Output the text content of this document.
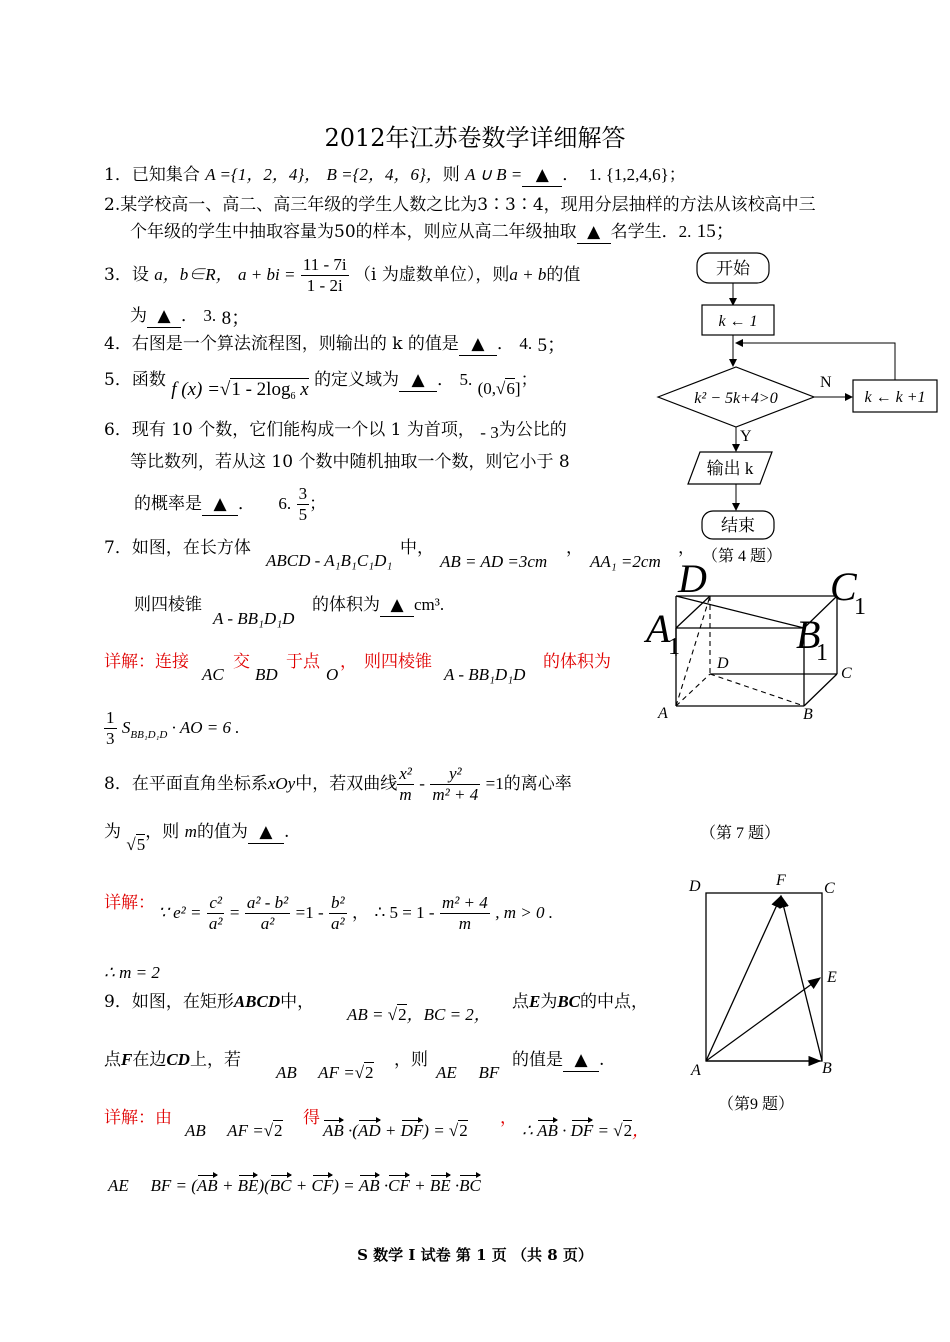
2012年江苏卷数学详细解答
1．已知集合 A ={1，2，4}， B ={2，4，6}，则 A ∪ B = ▲ ． 1. {1,2,4,6}；
2.某学校高一、高二、高三年级的学生人数之比为3∶3∶4，现用分层抽样的方法从该校高中三
个年级的学生中抽取容量为50的样本，则应从高二年级抽取 ▲ 名学生．2. 15；
3．设 a，b∈R， a + bi = $\frac{11 - 7i}{1 - 2i} (i$ 为虚数单位），则a + b的值
为 ▲ ． 3. 8；
4．右图是一个算法流程图，则输出的 k 的值是 ▲ ． 4. 5；
5．函数 f $(x) =√1 - 2\log_6$ x 的定义域为 ▲ ． 5. (0,√6]；
6．现有 10 个数，它们能构成一个以 1 为首项， - 3为公比的
等比数列，若从这 10 个数中随机抽取一个数，则它小于 8
的概率是 ▲ ． 6. $\frac{3}{5}$ ；
7．如图，在长方体
ABCD - A₁B₁C₁D₁
中，
AB = AD =3cm
，
AA₁ =2cm
，
则四棱锥
A - BB₁D₁D
的体积为 ▲ cm³.
详解：连接
AC
交
BD
于点
O
， 则四棱锥
A - BB₁D₁D
的体积为
$\frac{1}{3} S_{BB_1D_1D}$ · AO = 6 .
8．在平面直角坐标系xOy中，若双曲线 $\frac{\text{x²}}{m} - \frac{\text{y²}}{\text{m² + 4}} =1$的离心率
为 √5，则 m的值为 ▲ .
详解： ∵ $e^2 = \frac{\text{c²}}{\text{a²}} = \frac{\text{a² - b²}}{\text{a²}} =1 - \frac{\text{b²}}{\text{a²}}$ ， ∴ $5 = 1 - \frac{\text{m² + 4}}{m}$ , m > 0 .
∴ m = 2
9．如图，在矩形ABCD中，
AB = √2，BC = 2，
点E为BC的中点，
点F在边CD上，若
AB ⃞ AF =√2
，则
AE ⃞ BF
的值是 ▲ .
详解：由
AB ⃞ AF =√2
得
AB ·(AD + DF) = √2
，
∴ AB · DF = √2，
AE ⃞ BF = (AB + BE)(BC + CF) = AB ·CF + BE ·BC
开始
k ← 1
k² − 5k+4>0
N
k ← k +1
Y
输出 k
结束
（第 4 题）
D	C
1
A
1	B
1
D
C
A	B
（第 7 题）
D	F C
E
A	B
（第9 题）
S 数学 Ⅰ 试卷 第 1 页 （共 8 页）
